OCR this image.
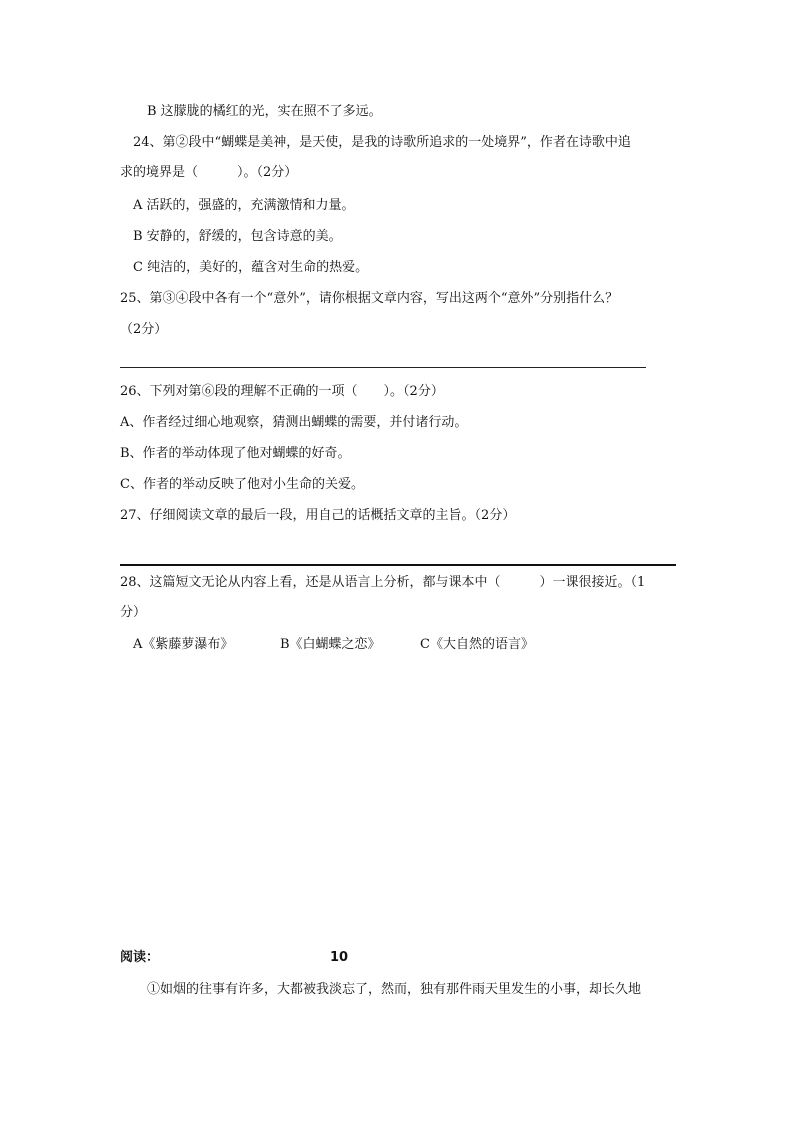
B 这朦胧的橘红的光，实在照不了多远。
24、第②段中“蝴蝶是美神，是天使，是我的诗歌所追求的一处境界”，作者在诗歌中追
求的境界是（　　　）。（2分）
A 活跃的，强盛的，充满激情和力量。
B 安静的，舒缓的，包含诗意的美。
C 纯洁的，美好的，蕴含对生命的热爱。
25、第③④段中各有一个“意外”，请你根据文章内容，写出这两个“意外”分别指什么？
（2分）
26、下列对第⑥段的理解不正确的一项（　　）。（2分）
A、作者经过细心地观察，猜测出蝴蝶的需要，并付诸行动。
B、作者的举动体现了他对蝴蝶的好奇。
C、作者的举动反映了他对小生命的关爱。
27、仔细阅读文章的最后一段，用自己的话概括文章的主旨。（2分）
28、这篇短文无论从内容上看，还是从语言上分析，都与课本中（　　　）一课很接近。（1
分）
A《紫藤萝瀑布》	B《白蝴蝶之恋》	C《大自然的语言》
阅读：	10
①如烟的往事有许多，大都被我淡忘了，然而，独有那件雨天里发生的小事，却长久地
